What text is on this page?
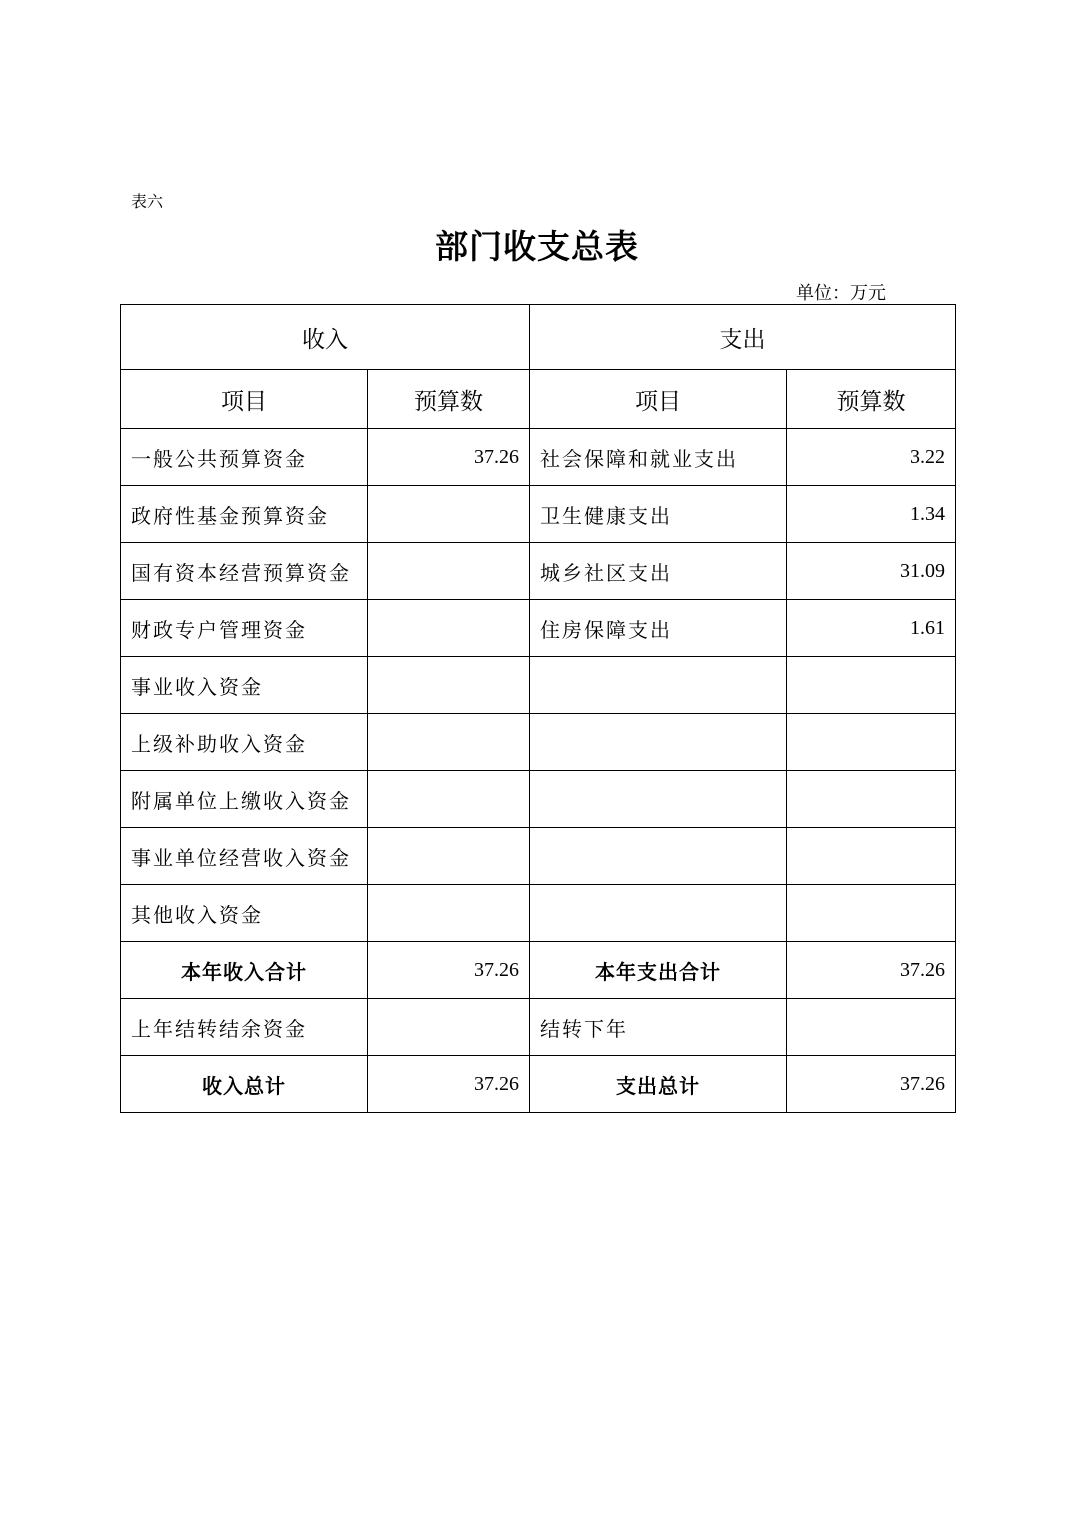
表六
部门收支总表
单位：万元
收入		支出	
项目	预算数	项目	预算数
一般公共预算资金	37.26	社会保障和就业支出	3.22
政府性基金预算资金		卫生健康支出	1.34
国有资本经营预算资金		城乡社区支出	31.09
财政专户管理资金		住房保障支出	1.61
事业收入资金			
上级补助收入资金			
附属单位上缴收入资金			
事业单位经营收入资金			
其他收入资金			
本年收入合计	37.26	本年支出合计	37.26
上年结转结余资金		结转下年	
收入总计	37.26	支出总计	37.26
